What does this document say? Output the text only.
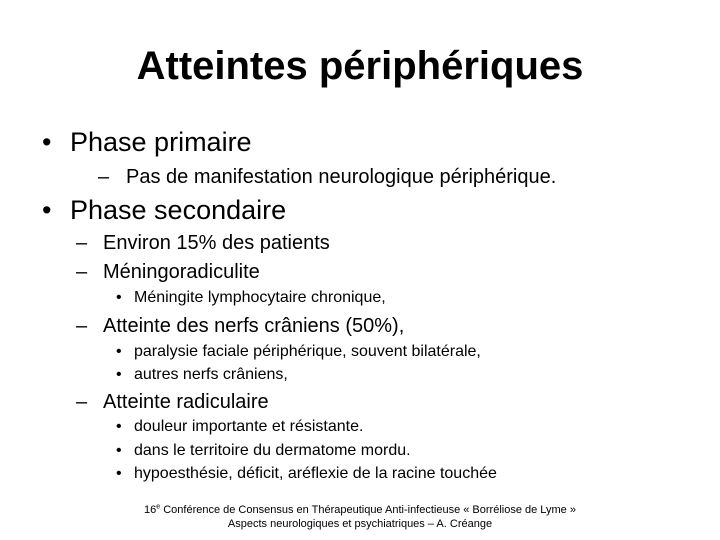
Atteintes périphériques
• Phase primaire
– Pas de manifestation neurologique périphérique.
• Phase secondaire
– Environ 15% des patients
– Méningoradiculite
• Méningite lymphocytaire chronique,
– Atteinte des nerfs crâniens (50%),
• paralysie faciale périphérique, souvent bilatérale,
• autres nerfs crâniens,
– Atteinte radiculaire
• douleur importante et résistante.
• dans le territoire du dermatome mordu.
• hypoesthésie, déficit, aréflexie de la racine touchée
16e Conférence de Consensus en Thérapeutique Anti-infectieuse « Borréliose de Lyme »
Aspects neurologiques et psychiatriques – A. Créange
